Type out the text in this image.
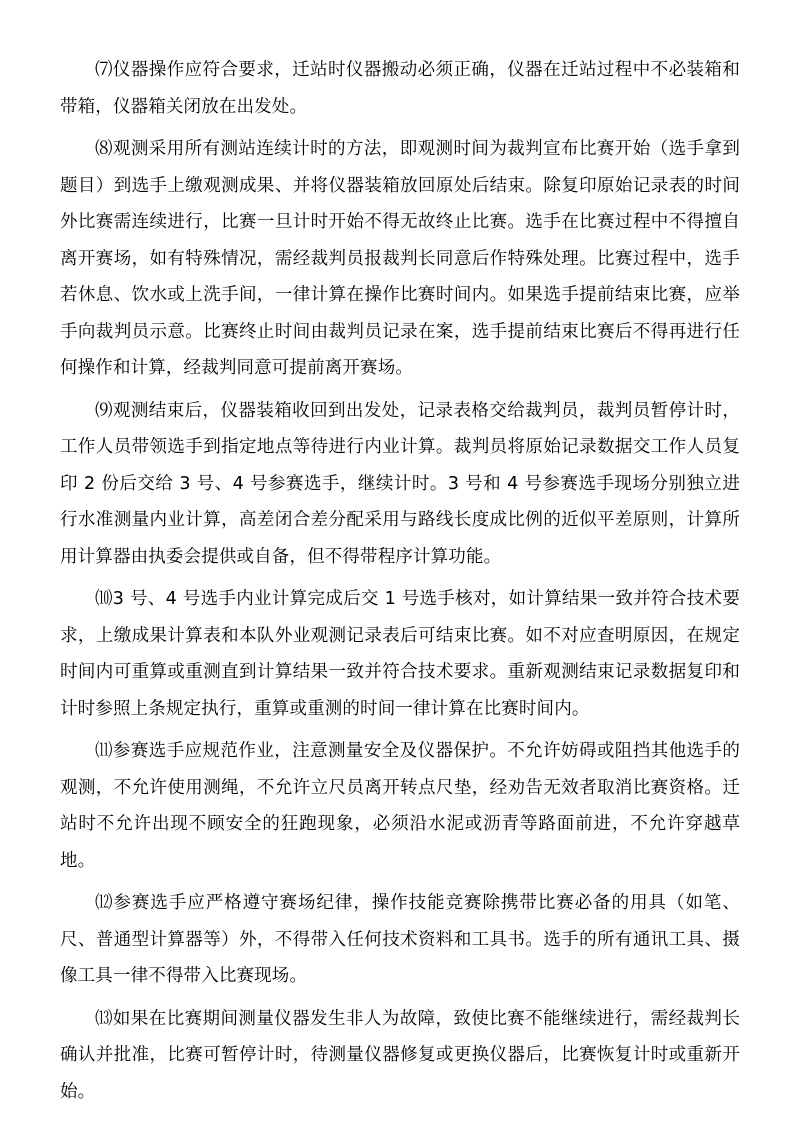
⑺仪器操作应符合要求，迁站时仪器搬动必须正确，仪器在迁站过程中不必装箱和带箱，仪器箱关闭放在出发处。

⑻观测采用所有测站连续计时的方法，即观测时间为裁判宣布比赛开始（选手拿到题目）到选手上缴观测成果、并将仪器装箱放回原处后结束。除复印原始记录表的时间外比赛需连续进行，比赛一旦计时开始不得无故终止比赛。选手在比赛过程中不得擅自离开赛场，如有特殊情况，需经裁判员报裁判长同意后作特殊处理。比赛过程中，选手若休息、饮水或上洗手间，一律计算在操作比赛时间内。如果选手提前结束比赛，应举手向裁判员示意。比赛终止时间由裁判员记录在案，选手提前结束比赛后不得再进行任何操作和计算，经裁判同意可提前离开赛场。

⑼观测结束后，仪器装箱收回到出发处，记录表格交给裁判员，裁判员暂停计时，工作人员带领选手到指定地点等待进行内业计算。裁判员将原始记录数据交工作人员复印 2 份后交给 3 号、4 号参赛选手，继续计时。3 号和 4 号参赛选手现场分别独立进行水准测量内业计算，高差闭合差分配采用与路线长度成比例的近似平差原则，计算所用计算器由执委会提供或自备，但不得带程序计算功能。

⑽3 号、4 号选手内业计算完成后交 1 号选手核对，如计算结果一致并符合技术要求，上缴成果计算表和本队外业观测记录表后可结束比赛。如不对应查明原因，在规定时间内可重算或重测直到计算结果一致并符合技术要求。重新观测结束记录数据复印和计时参照上条规定执行，重算或重测的时间一律计算在比赛时间内。

⑾参赛选手应规范作业，注意测量安全及仪器保护。不允许妨碍或阻挡其他选手的观测，不允许使用测绳，不允许立尺员离开转点尺垫，经劝告无效者取消比赛资格。迁站时不允许出现不顾安全的狂跑现象，必须沿水泥或沥青等路面前进，不允许穿越草地。

⑿参赛选手应严格遵守赛场纪律，操作技能竞赛除携带比赛必备的用具（如笔、尺、普通型计算器等）外，不得带入任何技术资料和工具书。选手的所有通讯工具、摄像工具一律不得带入比赛现场。

⒀如果在比赛期间测量仪器发生非人为故障，致使比赛不能继续进行，需经裁判长确认并批准，比赛可暂停计时，待测量仪器修复或更换仪器后，比赛恢复计时或重新开始。
